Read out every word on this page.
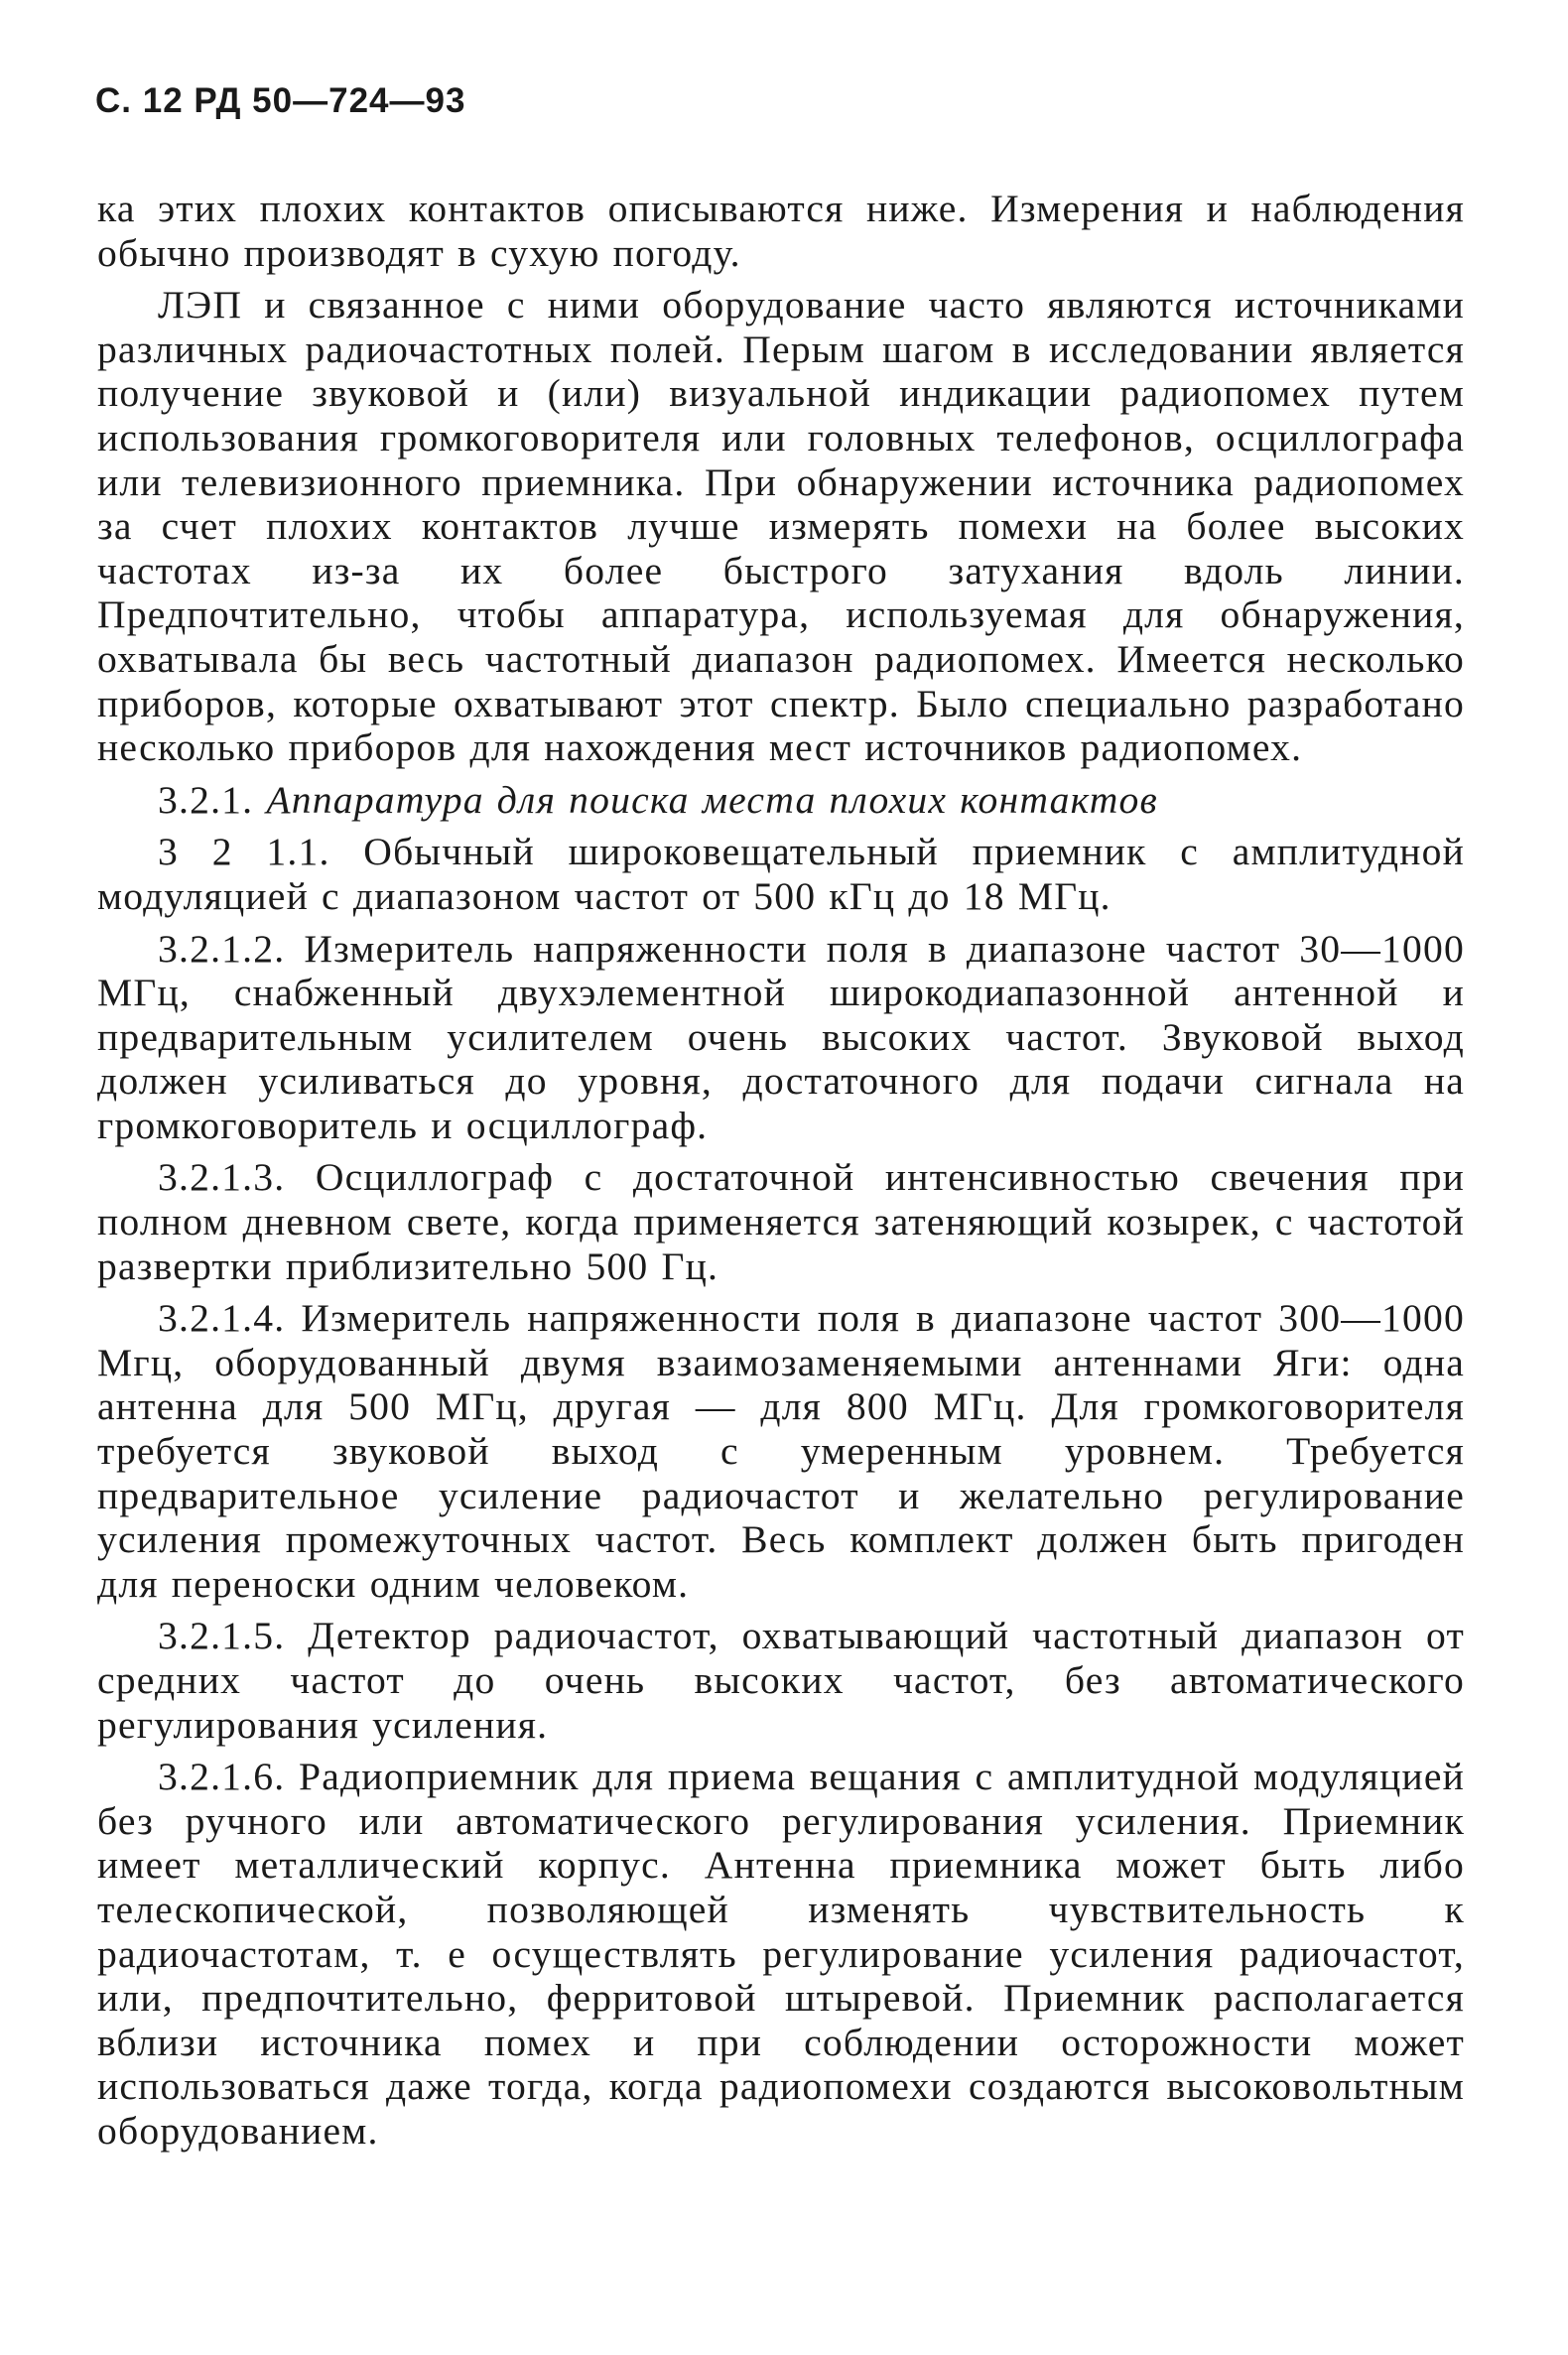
С. 12 РД 50—724—93

ка этих плохих контактов описываются ниже. Измерения и наблюдения обычно производят в сухую погоду.

ЛЭП и связанное с ними оборудование часто являются источниками различных радиочастотных полей. Перым шагом в исследовании является получение звуковой и (или) визуальной индикации радиопомех путем использования громкоговорителя или головных телефонов, осциллографа или телевизионного приемника. При обнаружении источника радиопомех за счет плохих контактов лучше измерять помехи на более высоких частотах из-за их более быстрого затухания вдоль линии. Предпочтительно, чтобы аппаратура, используемая для обнаружения, охватывала бы весь частотный диапазон радиопомех. Имеется несколько приборов, которые охватывают этот спектр. Было специально разработано несколько приборов для нахождения мест источников радиопомех.

3.2.1. Аппаратура для поиска места плохих контактов

3 2 1.1. Обычный широковещательный приемник с амплитудной модуляцией с диапазоном частот от 500 кГц до 18 МГц.

3.2.1.2. Измеритель напряженности поля в диапазоне частот 30—1000 МГц, снабженный двухэлементной широкодиапазонной антенной и предварительным усилителем очень высоких частот. Звуковой выход должен усиливаться до уровня, достаточного для подачи сигнала на громкоговоритель и осциллограф.

3.2.1.3. Осциллограф с достаточной интенсивностью свечения при полном дневном свете, когда применяется затеняющий козырек, с частотой развертки приблизительно 500 Гц.

3.2.1.4. Измеритель напряженности поля в диапазоне частот 300—1000 Мгц, оборудованный двумя взаимозаменяемыми антеннами Яги: одна антенна для 500 МГц, другая — для 800 МГц. Для громкоговорителя требуется звуковой выход с умеренным уровнем. Требуется предварительное усиление радиочастот и желательно регулирование усиления промежуточных частот. Весь комплект должен быть пригоден для переноски одним человеком.

3.2.1.5. Детектор радиочастот, охватывающий частотный диапазон от средних частот до очень высоких частот, без автоматического регулирования усиления.

3.2.1.6. Радиоприемник для приема вещания с амплитудной модуляцией без ручного или автоматического регулирования усиления. Приемник имеет металлический корпус. Антенна приемника может быть либо телескопической, позволяющей изменять чувствительность к радиочастотам, т. е осуществлять регулирование усиления радиочастот, или, предпочтительно, ферритовой штыревой. Приемник располагается вблизи источника помех и при соблюдении осторожности может использоваться даже тогда, когда радиопомехи создаются высоковольтным оборудованием.
